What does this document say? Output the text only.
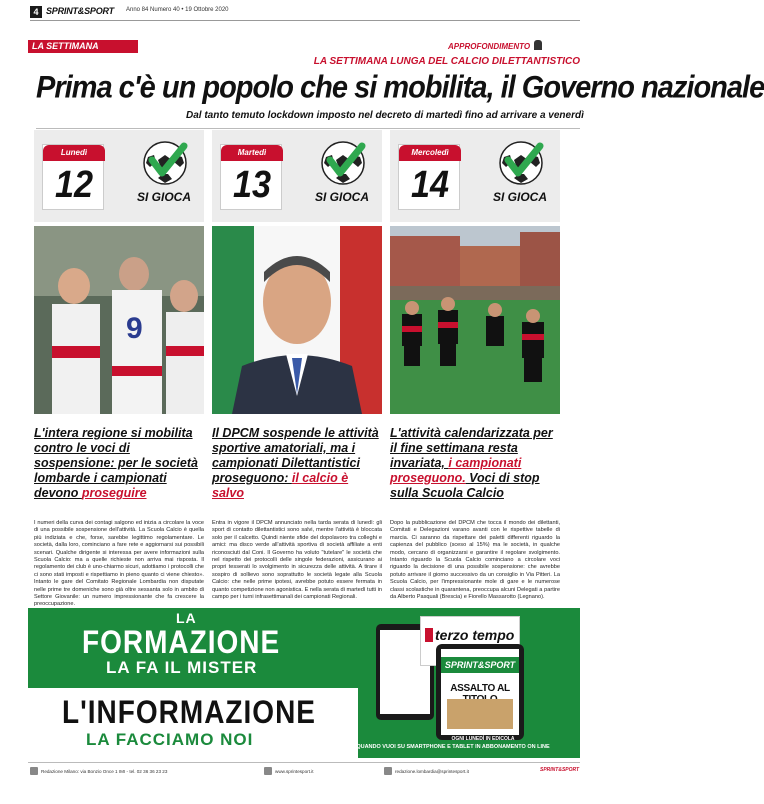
4 SPRINT&SPORT Anno 84 Numero 40 • 19 Ottobre 2020
LA SETTIMANA	APPROFONDIMENTO
LA SETTIMANA LUNGA DEL CALCIO DILETTANTISTICO
Prima c'è un popolo che si mobilita, il Governo nazionale
Dal tanto temuto lockdown imposto nel decreto di martedì fino ad arrivare a venerdì
Lunedì
12	SI GIOCA
9
L'intera regione si mobilita contro le voci di sospensione: per le società lombarde i campionati devono proseguire
I numeri della curva dei contagi salgono ed inizia a circolare la voce di una possibile sospensione dell'attività. La Scuola Calcio è quella più indiziata e che, forse, sarebbe legittimo regolamentare. Le società, dalla loro, cominciano a fare rete e aggiornarsi sui possibili scenari. Qualche dirigente si interessa per avere informazioni sulla Scuola Calcio: ma a quelle richieste non arriva mai risposta. Il regolamento dei club è uno-chiarmo sicuri, adottiamo i protocolli che ci sono stati imposti e rispettiamo in pieno quanto ci viene chiesto». Intanto le gare del Comitato Regionale Lombardia non disputate nelle prime tre domeniche sono già oltre sessanta solo in ambito di Settore Giovanile: un numero impressionante che fa crescere la preoccupazione.
Martedì
13	SI GIOCA
Il DPCM sospende le attività sportive amatoriali, ma i campionati Dilettantistici proseguono: il calcio è salvo
Entra in vigore il DPCM annunciato nella tarda serata di lunedì: gli sport di contatto dilettantistici sono salvi, mentre l'attività è bloccata solo per il calcetto. Quindi niente sfide del dopolavoro tra colleghi e amici: ma disco verde all'attività sportiva di società affiliate a enti riconosciuti dal Coni. Il Governo ha voluto "tutelare" le società che nel rispetto dei protocolli delle singole federazioni, assicurano ai propri tesserati lo svolgimento in sicurezza delle attività. A tirare il sospiro di sollievo sono soprattutto le società legate alla Scuola Calcio: che nelle prime ipotesi, avrebbe potuto essere fermata in quanto competizione non agonistica. E nella serata di martedì tutti in campo per i turni infrasettimanali dei campionati Regionali.
Mercoledì
14	SI GIOCA
L'attività calendarizzata per il fine settimana resta invariata, i campionati proseguono. Voci di stop sulla Scuola Calcio
Dopo la pubblicazione del DPCM che tocca il mondo dei dilettanti, Comitati e Delegazioni varano avanti con le rispettive tabelle di marcia. Ci saranno da rispettare dei paletti differenti riguardo la capienza del pubblico (sceso al 15%) ma le società, in qualche modo, cercano di organizzarsi e garantire il regolare svolgimento. Intanto riguardo la Scuola Calcio cominciano a circolare voci riguardo la decisione di una possibile sospensione: che avrebbe potuto arrivare il giorno successivo da un consiglio in Via Pitteri. La Scuola Calcio, per l'impressionante mole di gare e le numerose classi scolastiche in quarantena, preoccupa alcuni Delegati a partire da Alberto Pasquali (Brescia) e Fiorello Massarotto (Legnano).
LA
FORMAZIONE
LA FA IL MISTER
L'INFORMAZIONE
LA FACCIAMO NOI
terzo tempo
SPRINT&SPORT
ASSALTO AL
OGNI LUNEDÌ IN EDICOLA
QUANDO VUOI SU SMARTPHONE E TABLET IN ABBONAMENTO ON LINE
Redazione Milano: via Bonzio Once 1 IMI - tel. 02 36 36 23 23	www.sprintesport.it	redazione.lombardia@sprintesport.it	SPRINT&SPORT
